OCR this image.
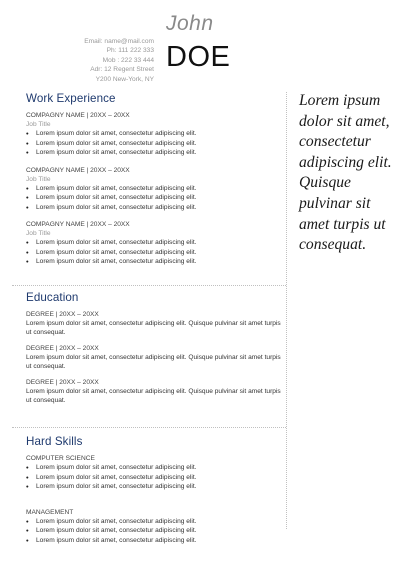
Email: name@mail.com
Ph: 111 222 333
Mob : 222 33 444
Adr: 12 Regent Street
Y200 New-York, NY
John
DOE
Work Experience
COMPAGNY NAME | 20XX – 20XX
Job Title
• Lorem ipsum dolor sit amet, consectetur adipiscing elit.
• Lorem ipsum dolor sit amet, consectetur adipiscing elit.
• Lorem ipsum dolor sit amet, consectetur adipiscing elit.
COMPAGNY NAME | 20XX – 20XX
Job Title
• Lorem ipsum dolor sit amet, consectetur adipiscing elit.
• Lorem ipsum dolor sit amet, consectetur adipiscing elit.
• Lorem ipsum dolor sit amet, consectetur adipiscing elit.
COMPAGNY NAME | 20XX – 20XX
Job Title
• Lorem ipsum dolor sit amet, consectetur adipiscing elit.
• Lorem ipsum dolor sit amet, consectetur adipiscing elit.
• Lorem ipsum dolor sit amet, consectetur adipiscing elit.
Education
DEGREE | 20XX – 20XX
Lorem ipsum dolor sit amet, consectetur adipiscing elit. Quisque pulvinar sit amet turpis ut consequat.
DEGREE | 20XX – 20XX
Lorem ipsum dolor sit amet, consectetur adipiscing elit. Quisque pulvinar sit amet turpis ut consequat.
DEGREE | 20XX – 20XX
Lorem ipsum dolor sit amet, consectetur adipiscing elit. Quisque pulvinar sit amet turpis ut consequat.
Hard Skills
COMPUTER SCIENCE
• Lorem ipsum dolor sit amet, consectetur adipiscing elit.
• Lorem ipsum dolor sit amet, consectetur adipiscing elit.
• Lorem ipsum dolor sit amet, consectetur adipiscing elit.
MANAGEMENT
• Lorem ipsum dolor sit amet, consectetur adipiscing elit.
• Lorem ipsum dolor sit amet, consectetur adipiscing elit.
• Lorem ipsum dolor sit amet, consectetur adipiscing elit.
Lorem ipsum dolor sit amet, consectetur adipiscing elit. Quisque pulvinar sit amet turpis ut consequat.
